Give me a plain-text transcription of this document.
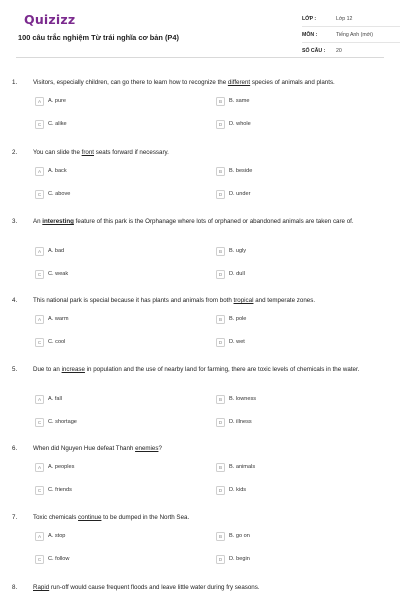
Quizizz
100 câu trắc nghiệm Từ trái nghĩa cơ bản (P4)
LỚP :	Lớp 12
MÔN :	Tiếng Anh (mới)
SỐ CÂU :	20
1.	Visitors, especially children, can go there to learn how to recognize the different species of animals and plants.
A	A. pure	B	B. same
C	C. alike	D	D. whole
2.	You can slide the front seats forward if necessary.
A	A. back	B	B. beside
C	C. above	D	D. under
3.	An interesting feature of this park is the Orphanage where lots of orphaned or abandoned animals are taken care of.
A	A. bad	B	B. ugly
C	C. weak	D	D. dull
4.	This national park is special because it has plants and animals from both tropical and temperate zones.
A	A. warm	B	B. pole
C	C. cool	D	D. wet
5.	Due to an increase in population and the use of nearby land for farming, there are toxic levels of chemicals in the water.
A	A. fall	B	B. lowness
C	C. shortage	D	D. illness
6.	When did Nguyen Hue defeat Thanh enemies?
A	A. peoples	B	B. animals
C	C. friends	D	D. kids
7.	Toxic chemicals continue to be dumped in the North Sea.
A	A. stop	B	B. go on
C	C. follow	D	D. begin
8.	Rapid run-off would cause frequent floods and leave little water during fry seasons.
